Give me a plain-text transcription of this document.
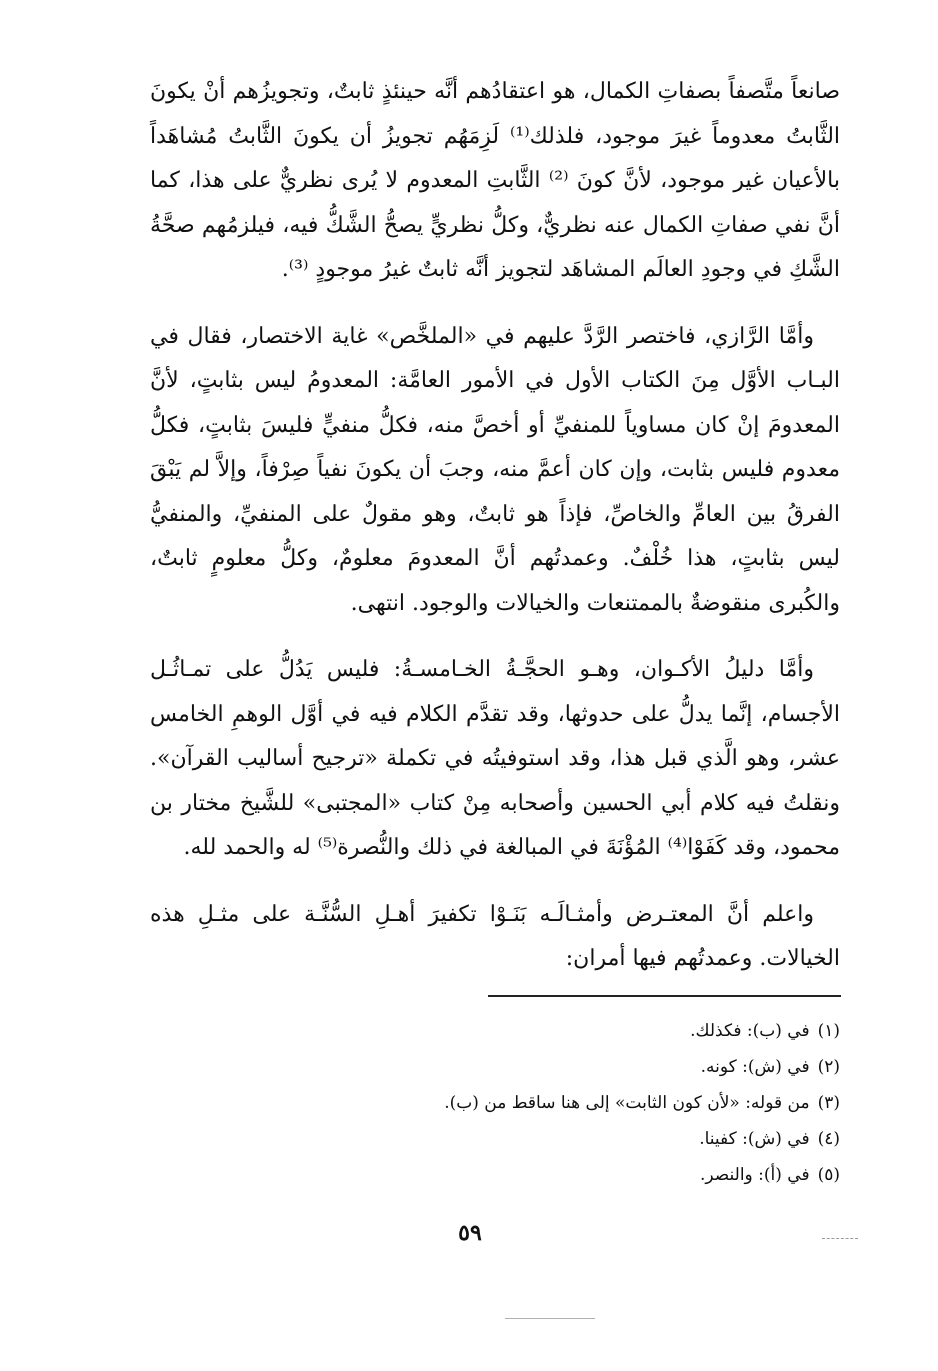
صانعاً متَّصفاً بصفاتِ الكمال، هو اعتقادُهم أنَّه حينئذٍ ثابتٌ، وتجويزُهم أنْ يكونَ الثَّابتُ معدوماً غيرَ موجود، فلذلك⁽¹⁾ لَزِمَهُم تجويزُ أن يكونَ الثَّابتُ مُشاهَداً بالأعيان غير موجود، لأنَّ كونَ ⁽²⁾ الثَّابتِ المعدوم لا يُرى نظريٌّ على هذا، كما أنَّ نفي صفاتِ الكمال عنه نظريٌّ، وكلُّ نظريٍّ يصحُّ الشَّكُّ فيه، فيلزمُهم صحَّةُ الشَّكِ في وجودِ العالَم المشاهَد لتجويز أنَّه ثابتٌ غيرُ موجودٍ ⁽³⁾.

وأمَّا الرَّازي، فاختصر الرَّدَّ عليهم في «الملخَّص» غاية الاختصار، فقال في البـاب الأوَّل مِنَ الكتاب الأول في الأمور العامَّة: المعدومُ ليس بثابتٍ، لأنَّ المعدومَ إنْ كان مساوياً للمنفيِّ أو أخصَّ منه، فكلُّ منفيٍّ فليسَ بثابتٍ، فكلُّ معدوم فليس بثابت، وإن كان أعمَّ منه، وجبَ أن يكونَ نفياً صِرْفاً، وإلاَّ لم يَبْقَ الفرقُ بين العامِّ والخاصِّ، فإذاً هو ثابتٌ، وهو مقولٌ على المنفيِّ، والمنفيُّ ليس بثابتٍ، هذا خُلْفٌ. وعمدتُهم أنَّ المعدومَ معلومٌ، وكلُّ معلومٍ ثابتٌ، والكُبرى منقوضةٌ بالممتنعات والخيالات والوجود. انتهى.

وأمَّا دليلُ الأكـوان، وهـو الحجَّـةُ الخـامسـةُ: فليس يَدُلُّ على تمـاثُـل الأجسام، إنَّما يدلُّ على حدوثها، وقد تقدَّم الكلام فيه في أوَّل الوهمِ الخامس عشر، وهو الَّذي قبل هذا، وقد استوفيتُه في تكملة «ترجيح أساليب القرآن». ونقلتُ فيه كلام أبي الحسين وأصحابه مِنْ كتاب «المجتبى» للشَّيخ مختار بن محمود، وقد كَفَوْا⁽⁴⁾ المُؤْنَةَ في المبالغة في ذلك والنُّصرة⁽⁵⁾ له والحمد لله.

واعلم أنَّ المعتـرض وأمثـالَـه بَنَـوْا تكفيرَ أهـلِ السُّنَّـة على مثـلِ هذه الخيالات. وعمدتُهم فيها أمران:

(١)في (ب): فكذلك.

(٢)في (ش): كونه.

(٣)من قوله: «لأن كون الثابت» إلى هنا ساقط من (ب).

(٤)في (ش): كفينا.

(٥)في (أ): والنصر.

٥٩
